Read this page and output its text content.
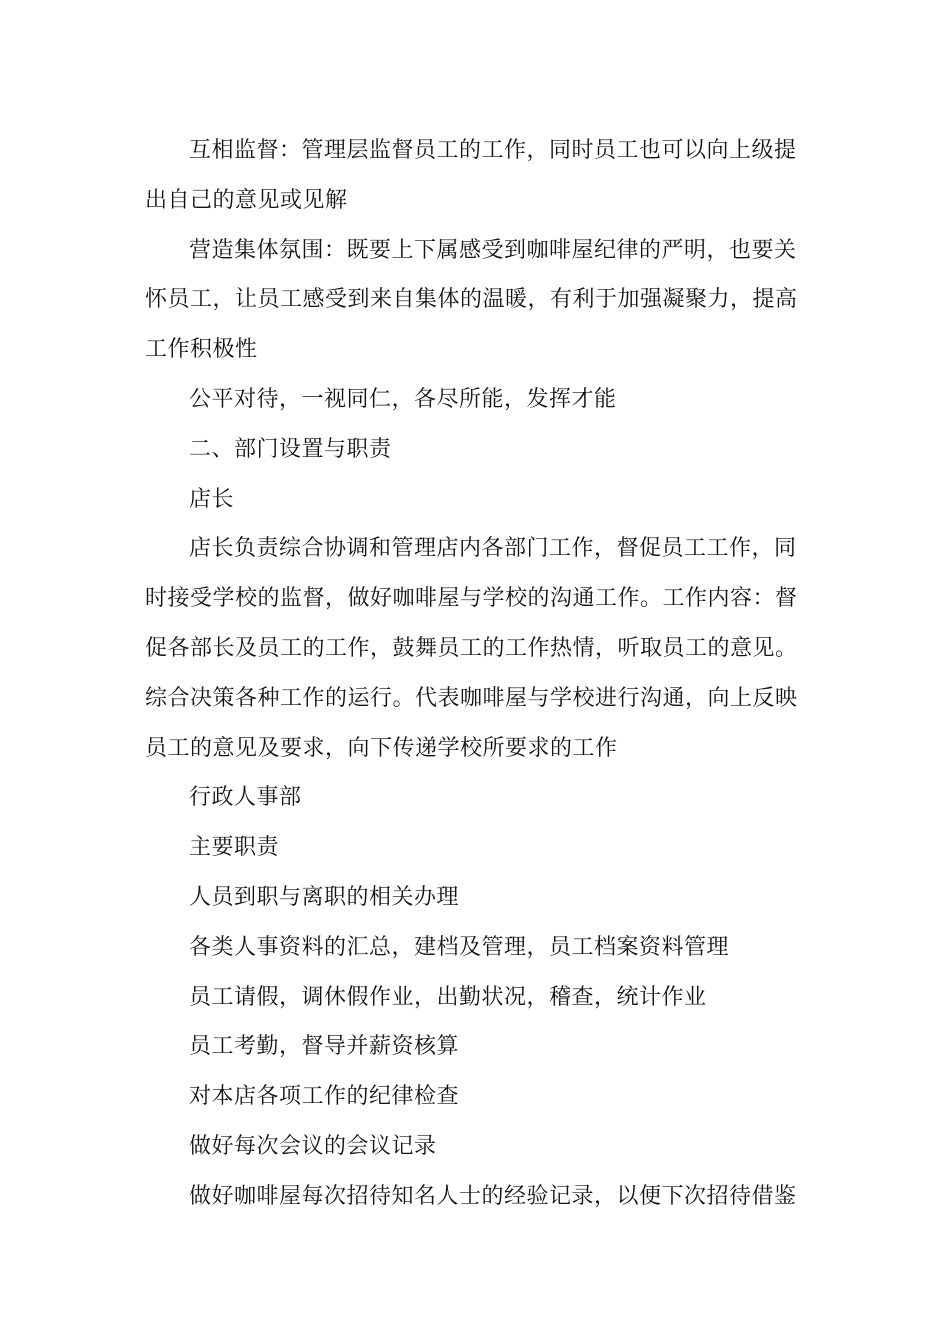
互相监督：管理层监督员工的工作，同时员工也可以向上级提出自己的意见或见解

营造集体氛围：既要上下属感受到咖啡屋纪律的严明，也要关怀员工，让员工感受到来自集体的温暖，有利于加强凝聚力，提高工作积极性

公平对待，一视同仁，各尽所能，发挥才能

二、部门设置与职责

店长

店长负责综合协调和管理店内各部门工作，督促员工工作，同时接受学校的监督，做好咖啡屋与学校的沟通工作。工作内容：督促各部长及员工的工作，鼓舞员工的工作热情，听取员工的意见。综合决策各种工作的运行。代表咖啡屋与学校进行沟通，向上反映员工的意见及要求，向下传递学校所要求的工作

行政人事部

主要职责

人员到职与离职的相关办理

各类人事资料的汇总，建档及管理，员工档案资料管理

员工请假，调休假作业，出勤状况，稽查，统计作业

员工考勤，督导并薪资核算

对本店各项工作的纪律检查

做好每次会议的会议记录

做好咖啡屋每次招待知名人士的经验记录，以便下次招待借鉴
